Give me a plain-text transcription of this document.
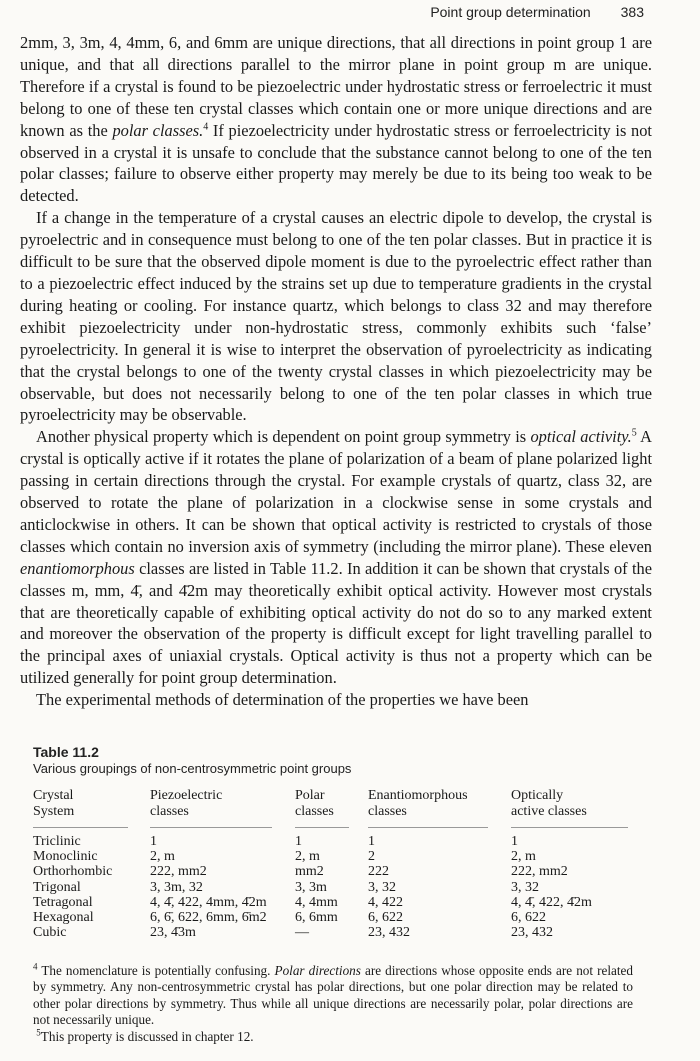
Point group determination 383

2mm, 3, 3m, 4, 4mm, 6, and 6mm are unique directions, that all directions in point group 1 are unique, and that all directions parallel to the mirror plane in point group m are unique. Therefore if a crystal is found to be piezoelectric under hydrostatic stress or ferroelectric it must belong to one of these ten crystal classes which contain one or more unique directions and are known as the polar classes.$^4$ If piezoelectricity under hydrostatic stress or ferroelectricity is not observed in a crystal it is unsafe to conclude that the substance cannot belong to one of the ten polar classes; failure to observe either property may merely be due to its being too weak to be detected.

If a change in the temperature of a crystal causes an electric dipole to develop, the crystal is pyroelectric and in consequence must belong to one of the ten polar classes. But in practice it is difficult to be sure that the observed dipole moment is due to the pyroelectric effect rather than to a piezoelectric effect induced by the strains set up due to temperature gradients in the crystal during heating or cooling. For instance quartz, which belongs to class 32 and may therefore exhibit piezoelectricity under non-hydrostatic stress, commonly exhibits such ‘false’ pyroelectricity. In general it is wise to interpret the observation of pyroelectricity as indicating that the crystal belongs to one of the twenty crystal classes in which piezoelectricity may be observable, but does not necessarily belong to one of the ten polar classes in which true pyroelectricity may be observable.

Another physical property which is dependent on point group symmetry is optical activity.$^5$ A crystal is optically active if it rotates the plane of polarization of a beam of plane polarized light passing in certain directions through the crystal. For example crystals of quartz, class 32, are observed to rotate the plane of polarization in a clockwise sense in some crystals and anticlockwise in others. It can be shown that optical activity is restricted to crystals of those classes which contain no inversion axis of symmetry (including the mirror plane). These eleven enantiomorphous classes are listed in Table 11.2. In addition it can be shown that crystals of the classes m, mm, 4̄, and 4̄2m may theoretically exhibit optical activity. However most crystals that are theoretically capable of exhibiting optical activity do not do so to any marked extent and moreover the observation of the property is difficult except for light travelling parallel to the principal axes of uniaxial crystals. Optical activity is thus not a property which can be utilized generally for point group determination.

The experimental methods of determination of the properties we have been

Table 11.2
Various groupings of non-centrosymmetric point groups
Crystal
System
Triclinic
Monoclinic
Orthorhombic
Trigonal
Tetragonal
Hexagonal
Cubic
Piezoelectric
classes
1
2, m
222, mm2
3, 3m, 32
4, 4̄, 422, 4mm, 4̄2m
6, 6̄, 622, 6mm, 6̄m2
23, 4̄3m
Polar
classes
1
2, m
mm2
3, 3m
4, 4mm
6, 6mm
—
Enantiomorphous
classes
1
2
222
3, 32
4, 422
6, 622
23, 432
Optically
active classes
1
2, m
222, mm2
3, 32
4, 4̄, 422, 4̄2m
6, 622
23, 432

$^4$ The nomenclature is potentially confusing. Polar directions are directions whose opposite ends are not related by symmetry. Any non-centrosymmetric crystal has polar directions, but one polar direction may be related to other polar directions by symmetry. Thus while all unique directions are necessarily polar, polar directions are not necessarily unique.

$^5$This property is discussed in chapter 12.
